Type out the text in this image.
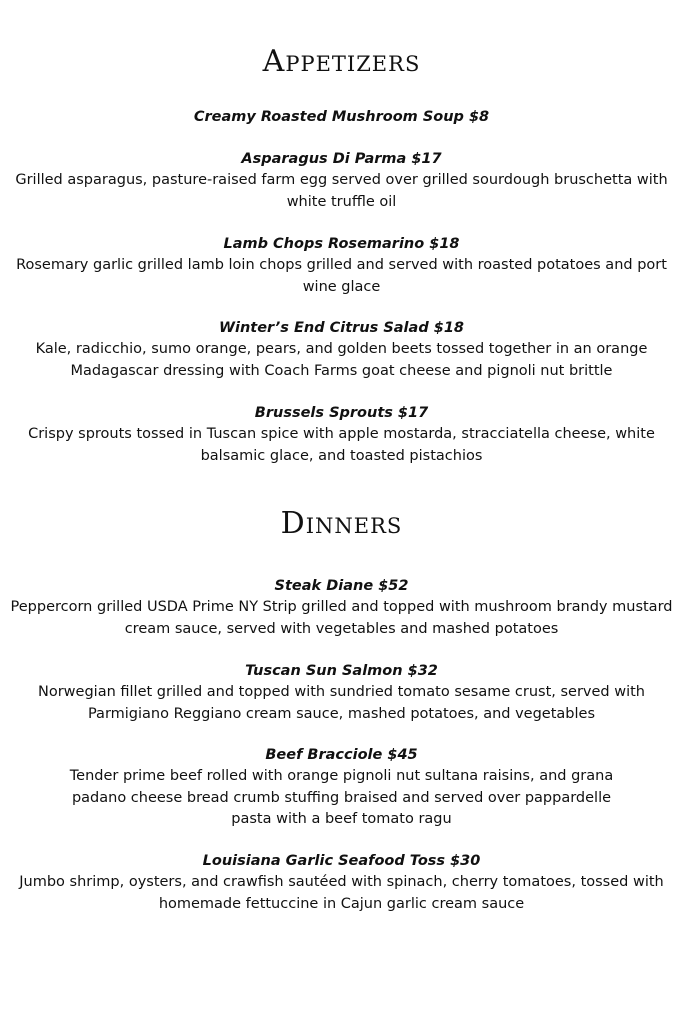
Appetizers
Creamy Roasted Mushroom Soup $8
Asparagus Di Parma $17
Grilled asparagus, pasture-raised farm egg served over grilled sourdough bruschetta with white truffle oil
Lamb Chops Rosemarino $18
Rosemary garlic grilled lamb loin chops grilled and served with roasted potatoes and port wine glace
Winter’s End Citrus Salad $18
Kale, radicchio, sumo orange, pears, and golden beets tossed together in an orange Madagascar dressing with Coach Farms goat cheese and pignoli nut brittle
Brussels Sprouts $17
Crispy sprouts tossed in Tuscan spice with apple mostarda, stracciatella cheese, white balsamic glace, and toasted pistachios
Dinners
Steak Diane $52
Peppercorn grilled USDA Prime NY Strip grilled and topped with mushroom brandy mustard cream sauce, served with vegetables and mashed potatoes
Tuscan Sun Salmon $32
Norwegian fillet grilled and topped with sundried tomato sesame crust, served with Parmigiano Reggiano cream sauce, mashed potatoes, and vegetables
Beef Bracciole $45
Tender prime beef rolled with orange pignoli nut sultana raisins, and grana padano cheese bread crumb stuffing braised and served over pappardelle pasta with a beef tomato ragu
Louisiana Garlic Seafood Toss $30
Jumbo shrimp, oysters, and crawfish sautéed with spinach, cherry tomatoes, tossed with homemade fettuccine in Cajun garlic cream sauce
